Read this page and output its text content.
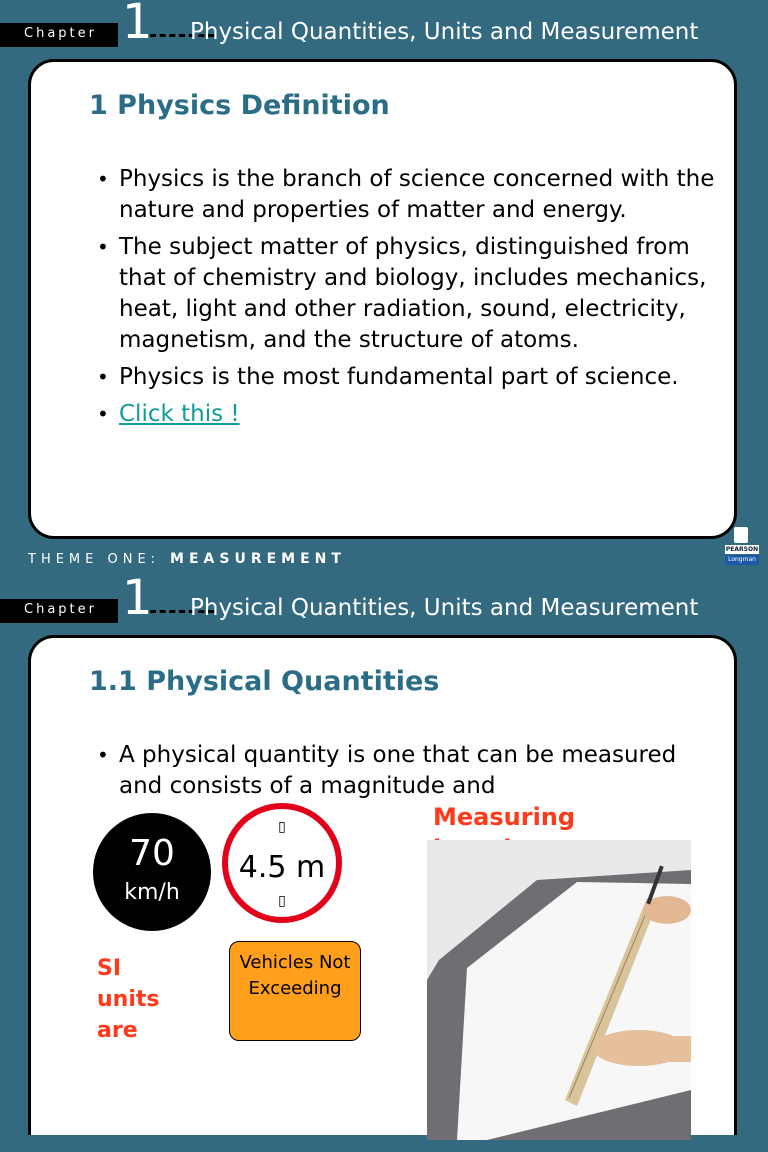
Chapter 1 Physical Quantities, Units and Measurement
1 Physics Definition
• Physics is the branch of science concerned with the nature and properties of matter and energy.
• The subject matter of physics, distinguished from that of chemistry and biology, includes mechanics, heat, light and other radiation, sound, electricity, magnetism, and the structure of atoms.
• Physics is the most fundamental part of science.
• Click this !
THEME ONE: MEASUREMENT
PEARSON
Longman
Chapter 1 Physical Quantities, Units and Measurement
1.1 Physical Quantities
• A physical quantity is one that can be measured and consists of a magnitude and
70
km/h
▯
4.5 m
▯
Vehicles Not Exceeding
SI units are
Measuring
